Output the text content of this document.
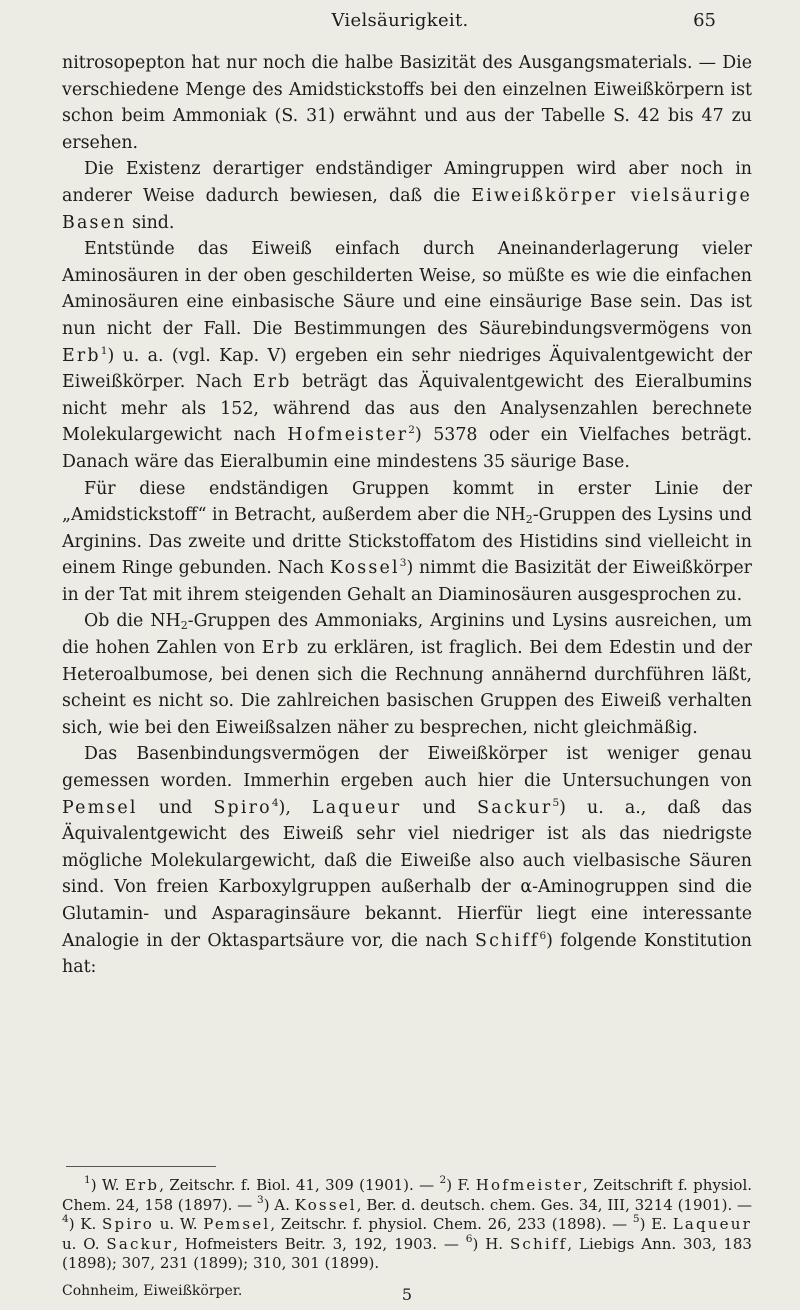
Vielsäurigkeit.	65

nitrosopepton hat nur noch die halbe Basizität des Ausgangsmaterials. — Die verschiedene Menge des Amidstickstoffs bei den einzelnen Eiweißkörpern ist schon beim Ammoniak (S. 31) erwähnt und aus der Tabelle S. 42 bis 47 zu ersehen.

Die Existenz derartiger endständiger Amingruppen wird aber noch in anderer Weise dadurch bewiesen, daß die Eiweißkörper vielsäurige Basen sind.

Entstünde das Eiweiß einfach durch Aneinanderlagerung vieler Aminosäuren in der oben geschilderten Weise, so müßte es wie die einfachen Aminosäuren eine einbasische Säure und eine einsäurige Base sein. Das ist nun nicht der Fall. Die Bestimmungen des Säurebindungsvermögens von Erb$^1$) u. a. (vgl. Kap. V) ergeben ein sehr niedriges Äquivalentgewicht der Eiweißkörper. Nach Erb beträgt das Äquivalentgewicht des Eieralbumins nicht mehr als 152, während das aus den Analysenzahlen berechnete Molekulargewicht nach Hofmeister$^2$) 5378 oder ein Vielfaches beträgt. Danach wäre das Eieralbumin eine mindestens 35 säurige Base.

Für diese endständigen Gruppen kommt in erster Linie der „Amidstickstoff“ in Betracht, außerdem aber die $NH_2$-Gruppen des Lysins und Arginins. Das zweite und dritte Stickstoffatom des Histidins sind vielleicht in einem Ringe gebunden. Nach Kossel$^3$) nimmt die Basizität der Eiweißkörper in der Tat mit ihrem steigenden Gehalt an Diaminosäuren ausgesprochen zu.

Ob die $NH_2$-Gruppen des Ammoniaks, Arginins und Lysins ausreichen, um die hohen Zahlen von Erb zu erklären, ist fraglich. Bei dem Edestin und der Heteroalbumose, bei denen sich die Rechnung annähernd durchführen läßt, scheint es nicht so. Die zahlreichen basischen Gruppen des Eiweiß verhalten sich, wie bei den Eiweißsalzen näher zu besprechen, nicht gleichmäßig.

Das Basenbindungsvermögen der Eiweißkörper ist weniger genau gemessen worden. Immerhin ergeben auch hier die Untersuchungen von Pemsel und Spiro$^4$), Laqueur und Sackur$^5$) u. a., daß das Äquivalentgewicht des Eiweiß sehr viel niedriger ist als das niedrigste mögliche Molekulargewicht, daß die Eiweiße also auch vielbasische Säuren sind. Von freien Karboxylgruppen außerhalb der α-Aminogruppen sind die Glutamin- und Asparaginsäure bekannt. Hierfür liegt eine interessante Analogie in der Oktaspartsäure vor, die nach Schiff$^6$) folgende Konstitution hat:

$^1$) W. Erb, Zeitschr. f. Biol. 41, 309 (1901). — $^2$) F. Hofmeister, Zeitschrift f. physiol. Chem. 24, 158 (1897). — $^3$) A. Kossel, Ber. d. deutsch. chem. Ges. 34, III, 3214 (1901). — $^4$) K. Spiro u. W. Pemsel, Zeitschr. f. physiol. Chem. 26, 233 (1898). — $^5$) E. Laqueur u. O. Sackur, Hofmeisters Beitr. 3, 192, 1903. — $^6$) H. Schiff, Liebigs Ann. 303, 183 (1898); 307, 231 (1899); 310, 301 (1899).

Cohnheim, Eiweißkörper.	5
